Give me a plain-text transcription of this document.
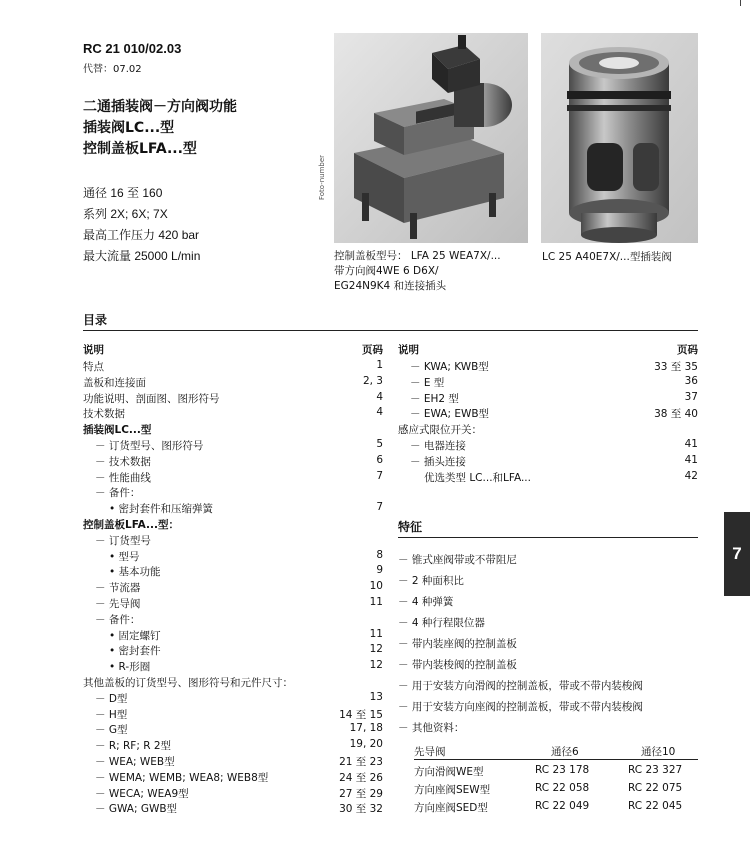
RC 21 010/02.03
代替：07.02
二通插装阀－方向阀功能
插装阀LC...型
控制盖板LFA...型
通径 16 至 160
系列 2X; 6X; 7X
最高工作压力 420 bar
最大流量 25000 L/min
Foto-number
控制盖板型号： LFA 25 WEA7X/...
带方向阀4WE 6 D6X/
EG24N9K4 和连接插头
LC 25 A40E7X/...型插装阀
目录
说明	页码
特点	1
盖板和连接面	2, 3
功能说明、剖面图、图形符号	4
技术数据	4
插装阀LC...型
－ 订货型号、图形符号	5
－ 技术数据	6
－ 性能曲线	7
－ 备件：
• 密封套件和压缩弹簧	7
控制盖板LFA...型：
－ 订货型号
• 型号	8
• 基本功能	9
－ 节流器	10
－ 先导阀	11
－ 备件：
• 固定螺钉	11
• 密封套件	12
• R-形圈	12
其他盖板的订货型号、图形符号和元件尺寸：
－ D型	13
－ H型	14 至 15
－ G型	17, 18
－ R; RF; R 2型	19, 20
－ WEA; WEB型	21 至 23
－ WEMA; WEMB; WEA8; WEB8型	24 至 26
－ WECA; WEA9型	27 至 29
－ GWA; GWB型	30 至 32
说明	页码
－ KWA; KWB型	33 至 35
－ E 型	36
－ EH2 型	37
－ EWA; EWB型	38 至 40
感应式限位开关：
－ 电器连接	41
－ 插头连接	41
优选类型 LC...和LFA...	42
特征
－ 锥式座阀带或不带阻尼
－ 2 种面积比
－ 4 种弹簧
－ 4 种行程限位器
－ 带内装座阀的控制盖板
－ 带内装梭阀的控制盖板
－ 用于安装方向滑阀的控制盖板，带或不带内装梭阀
－ 用于安装方向座阀的控制盖板，带或不带内装梭阀
－ 其他资料：
先导阀	通径6	通径10
方向滑阀WE型	RC 23 178	RC 23 327
方向座阀SEW型	RC 22 058	RC 22 075
方向座阀SED型	RC 22 049	RC 22 045
7
